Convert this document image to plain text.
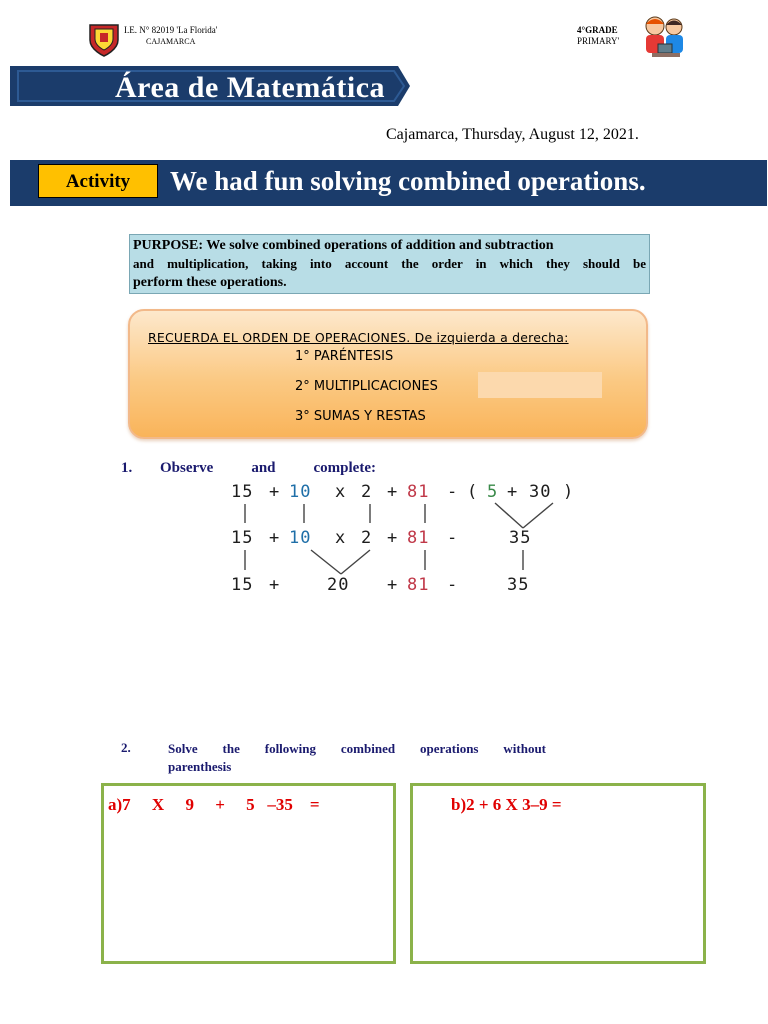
I.E. N° 82019 'La Florida'
CAJAMARCA
4°GRADE
PRIMARY'
Área de Matemática
Cajamarca, Thursday, August 12, 2021.
Activity	We had fun solving combined operations.

PURPOSE: We solve combined operations of addition and subtraction

and multiplication, taking into account the order in which they should be

perform these operations.

RECUERDA EL ORDEN DE OPERACIONES. De izquierda a derecha:
1° PARÉNTESIS
2° MULTIPLICACIONES
3° SUMAS Y RESTAS
1. Observe and complete:
15 + 10 x 2 + 81 - ( 5 + 30 )
15 + 10 x 2 + 81 -	35
15 +	20 + 81 -	35
2.	Solve the following combined operations without
parenthesis
a)7     X     9     +     5   –35    =	b)2 + 6 X 3–9 =
